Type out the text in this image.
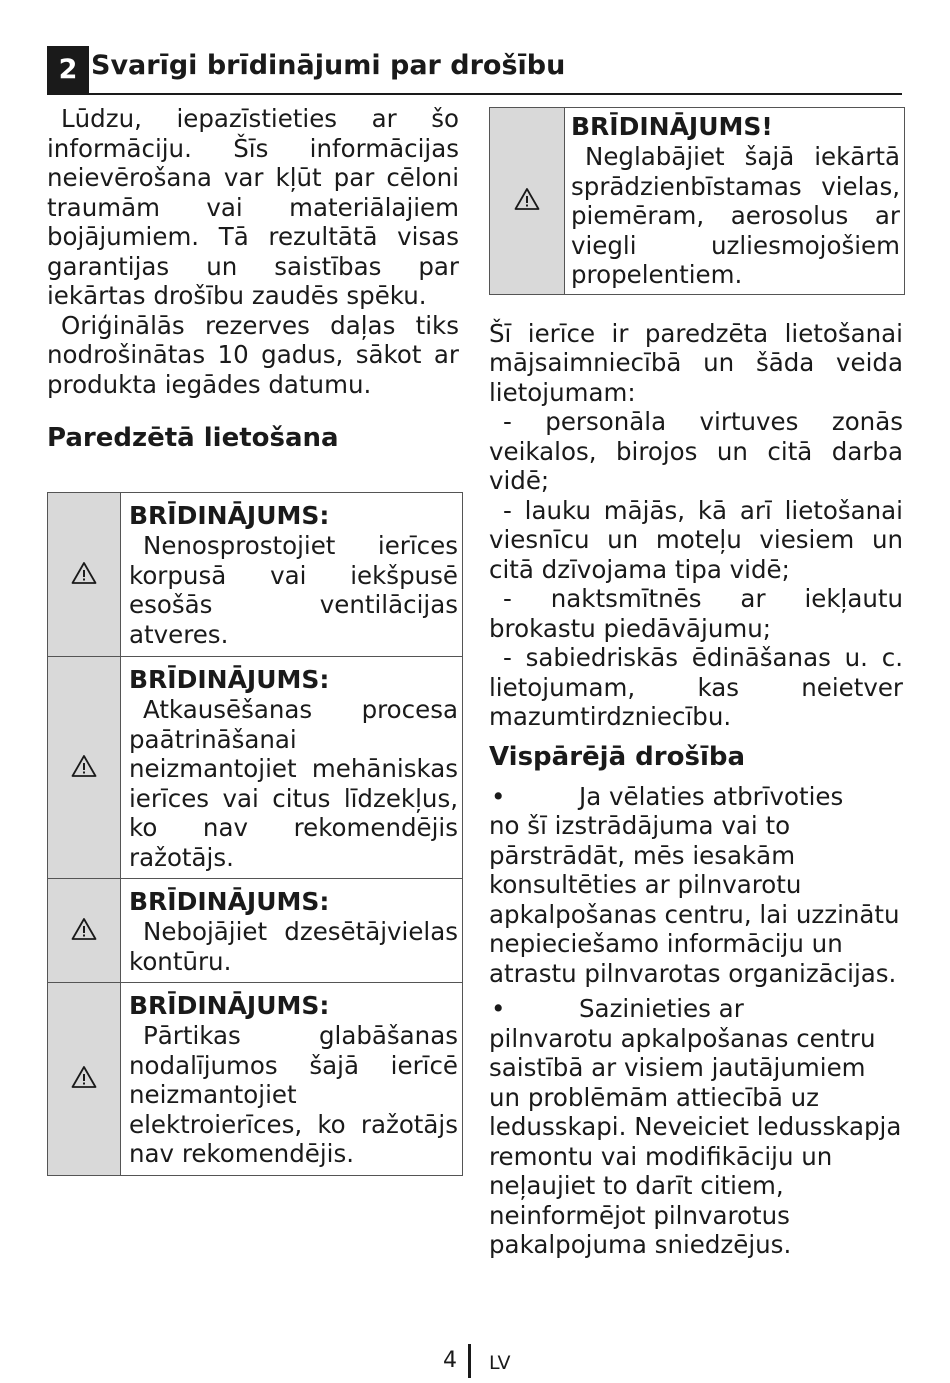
2 Svarīgi brīdinājumi par drošību

Lūdzu, iepazīstieties ar šo informāciju. Šīs informācijas neievērošana var kļūt par cēloni traumām vai materiālajiem bojājumiem. Tā rezultātā visas garantijas un saistības par iekārtas drošību zaudēs spēku.

Oriģinālās rezerves daļas tiks nodrošinātas 10 gadus, sākot ar produkta iegādes datumu.

Paredzētā lietošana

BRĪDINĀJUMS:

Nenosprostojiet ierīces korpusā vai iekšpusē esošās ventilācijas atveres.

BRĪDINĀJUMS:

Atkausēšanas procesa paātrināšanai neizmantojiet mehāniskas ierīces vai citus līdzekļus, ko nav rekomendējis ražotājs.

BRĪDINĀJUMS:

Nebojājiet dzesētājvielas kontūru.

BRĪDINĀJUMS:

Pārtikas glabāšanas nodalījumos šajā ierīcē neizmantojiet elektroierīces, ko ražotājs nav rekomendējis.

BRĪDINĀJUMS!

Neglabājiet šajā iekārtā sprādzienbīstamas vielas, piemēram, aerosolus ar viegli uzliesmojošiem propelentiem.

Šī ierīce ir paredzēta lietošanai mājsaimniecībā un šāda veida lietojumam:

- personāla virtuves zonās veikalos, birojos un citā darba vidē;

- lauku mājās, kā arī lietošanai viesnīcu un moteļu viesiem un citā dzīvojama tipa vidē;

- naktsmītnēs ar iekļautu brokastu piedāvājumu;

- sabiedriskās ēdināšanas u. c. lietojumam, kas neietver mazumtirdzniecību.

Vispārējā drošība
•	Ja vēlaties atbrīvoties

no šī izstrādājuma vai to pārstrādāt, mēs iesakām konsultēties ar pilnvarotu apkalpošanas centru, lai uzzinātu nepieciešamo informāciju un atrastu pilnvarotas organizācijas.

•	Sazinieties ar

pilnvarotu apkalpošanas centru saistībā ar visiem jautājumiem un problēmām attiecībā uz ledusskapi. Neveiciet ledusskapja remontu vai modifikāciju un neļaujiet to darīt citiem, neinformējot pilnvarotus pakalpojuma sniedzējus.

4 LV
